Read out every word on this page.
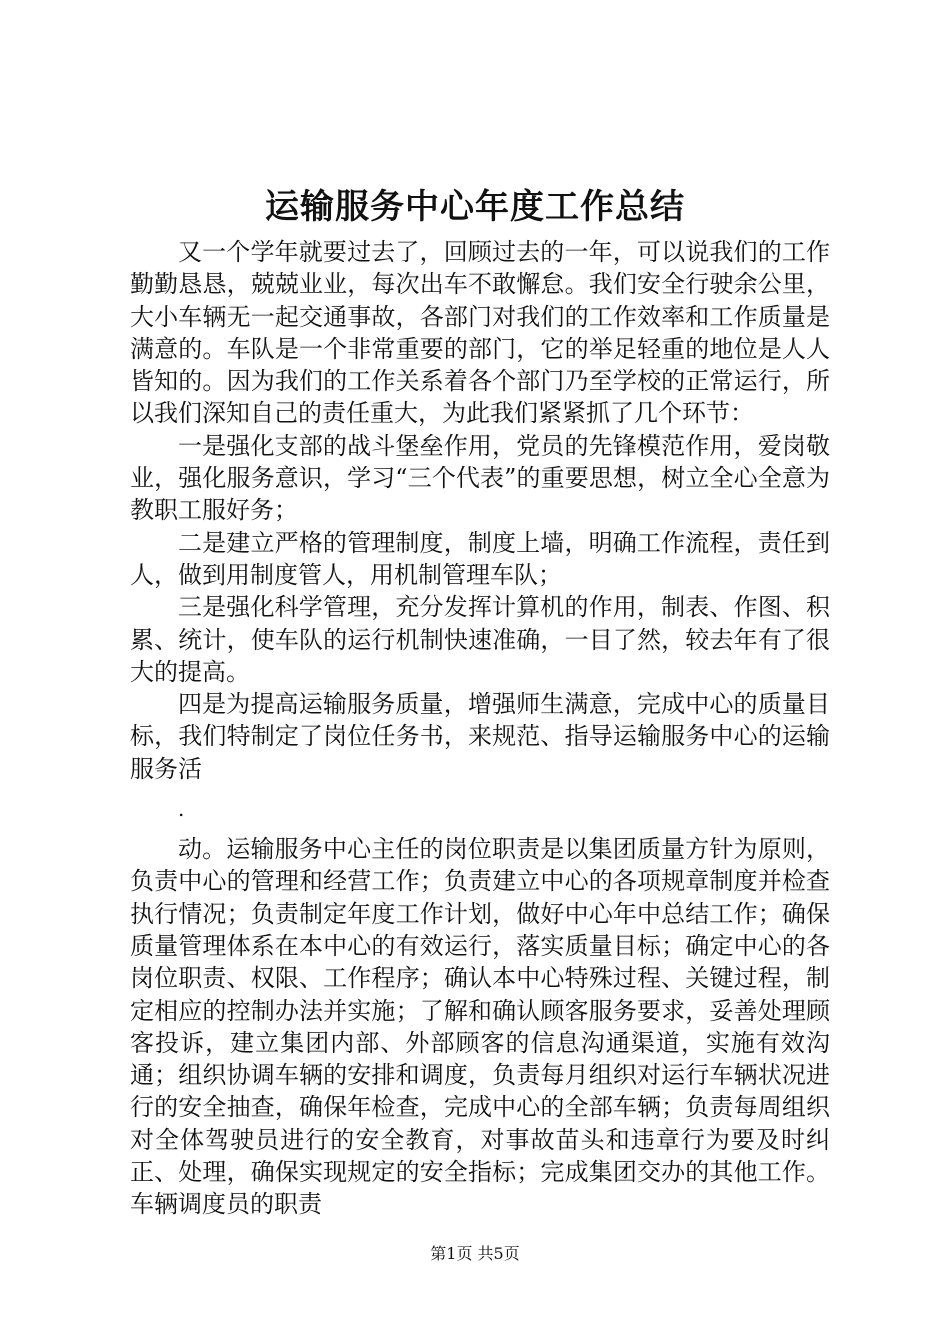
运输服务中心年度工作总结

又一个学年就要过去了，回顾过去的一年，可以说我们的工作勤勤恳恳，兢兢业业，每次出车不敢懈怠。我们安全行驶余公里，大小车辆无一起交通事故，各部门对我们的工作效率和工作质量是满意的。车队是一个非常重要的部门，它的举足轻重的地位是人人皆知的。因为我们的工作关系着各个部门乃至学校的正常运行，所以我们深知自己的责任重大，为此我们紧紧抓了几个环节：

一是强化支部的战斗堡垒作用，党员的先锋模范作用，爱岗敬业，强化服务意识，学习“三个代表”的重要思想，树立全心全意为教职工服好务；

二是建立严格的管理制度，制度上墙，明确工作流程，责任到人，做到用制度管人，用机制管理车队；

三是强化科学管理，充分发挥计算机的作用，制表、作图、积累、统计，使车队的运行机制快速准确，一目了然，较去年有了很大的提高。

四是为提高运输服务质量，增强师生满意，完成中心的质量目标，我们特制定了岗位任务书，来规范、指导运输服务中心的运输服务活

.

动。运输服务中心主任的岗位职责是以集团质量方针为原则，负责中心的管理和经营工作；负责建立中心的各项规章制度并检查执行情况；负责制定年度工作计划，做好中心年中总结工作；确保质量管理体系在本中心的有效运行，落实质量目标；确定中心的各岗位职责、权限、工作程序；确认本中心特殊过程、关键过程，制定相应的控制办法并实施；了解和确认顾客服务要求，妥善处理顾客投诉，建立集团内部、外部顾客的信息沟通渠道，实施有效沟通；组织协调车辆的安排和调度，负责每月组织对运行车辆状况进行的安全抽查，确保年检查，完成中心的全部车辆；负责每周组织对全体驾驶员进行的安全教育，对事故苗头和违章行为要及时纠正、处理，确保实现规定的安全指标；完成集团交办的其他工作。车辆调度员的职责

第1页 共5页
